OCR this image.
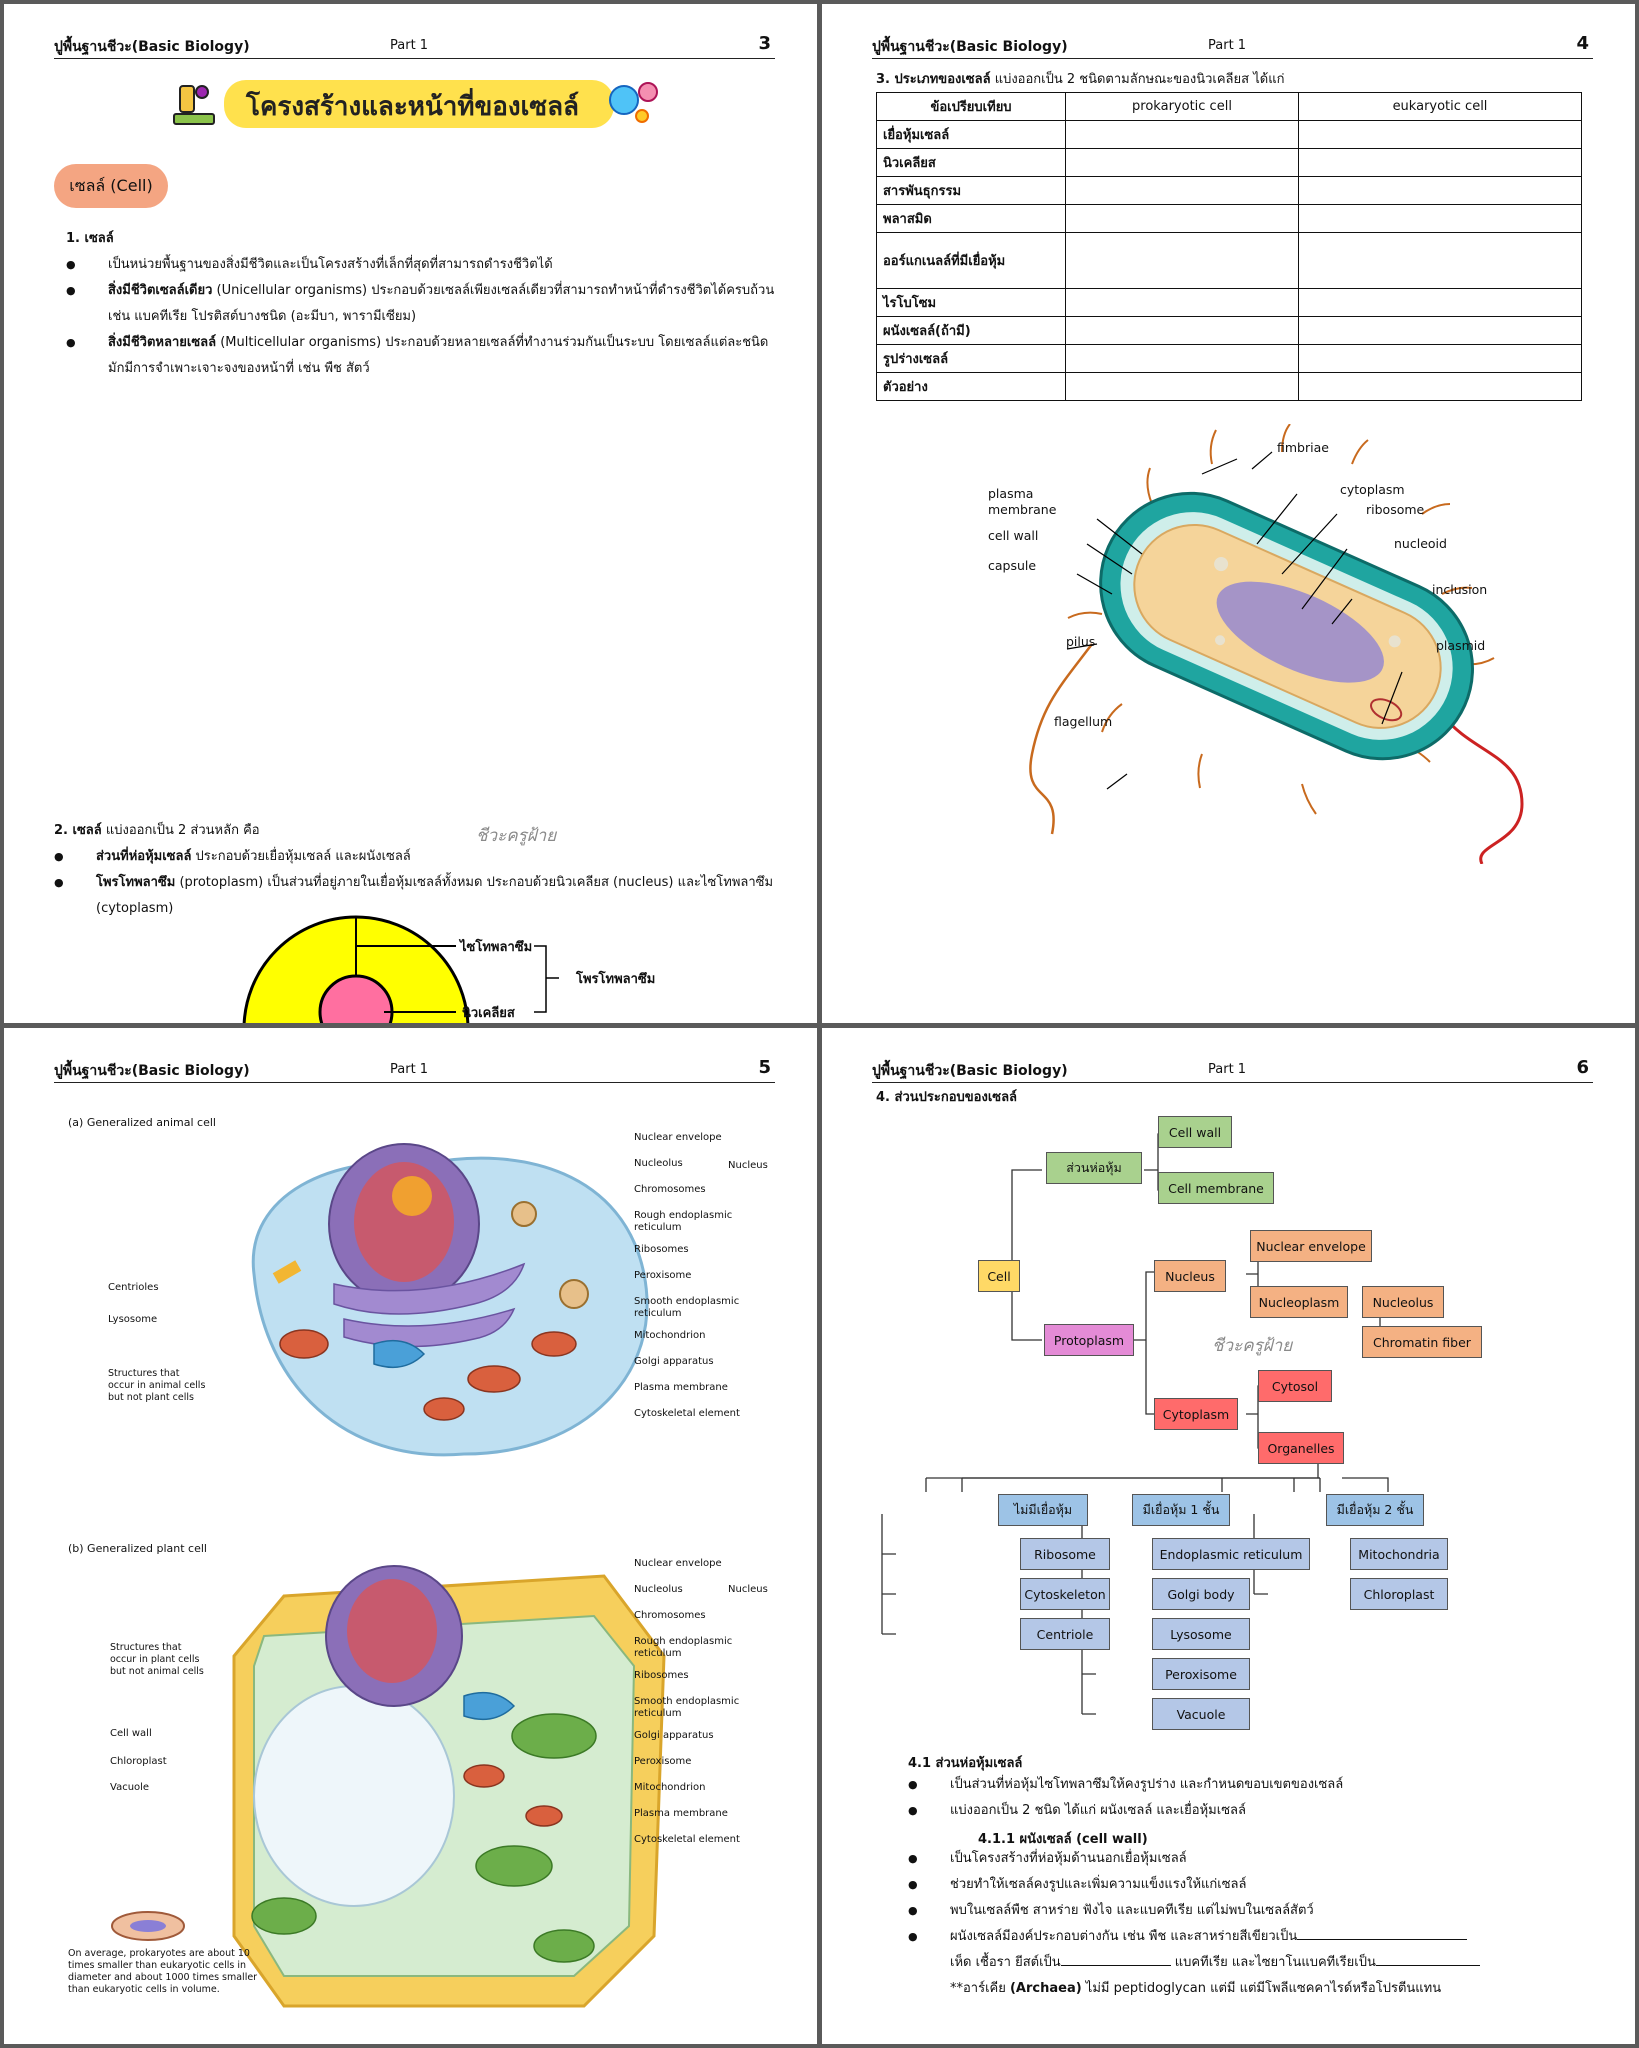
ปูพื้นฐานชีวะ(Basic Biology)	Part 1	3
โครงสร้างและหน้าที่ของเซลล์
เซลล์ (Cell)
1. เซลล์
● เป็นหน่วยพื้นฐานของสิ่งมีชีวิตและเป็นโครงสร้างที่เล็กที่สุดที่สามารถดำรงชีวิตได้
● สิ่งมีชีวิตเซลล์เดียว (Unicellular organisms) ประกอบด้วยเซลล์เพียงเซลล์เดียวที่สามารถทำหน้าที่ดำรงชีวิตได้ครบถ้วน
เช่น แบคทีเรีย โปรติสต์บางชนิด (อะมีบา, พารามีเซียม)
● สิ่งมีชีวิตหลายเซลล์ (Multicellular organisms) ประกอบด้วยหลายเซลล์ที่ทำงานร่วมกันเป็นระบบ โดยเซลล์แต่ละชนิด
มักมีการจำเพาะเจาะจงของหน้าที่ เช่น พืช สัตว์
2. เซลล์ แบ่งออกเป็น 2 ส่วนหลัก คือ	ชีวะครูฝ้าย
● ส่วนที่ห่อหุ้มเซลล์ ประกอบด้วยเยื่อหุ้มเซลล์ และผนังเซลล์
● โพรโทพลาซึม (protoplasm) เป็นส่วนที่อยู่ภายในเยื่อหุ้มเซลล์ทั้งหมด ประกอบด้วยนิวเคลียส (nucleus) และไซโทพลาซึม
(cytoplasm)
ไซโทพลาซึม
นิวเคลียส
โพรโทพลาซึม
ปูพื้นฐานชีวะ(Basic Biology)	Part 1	4
3. ประเภทของเซลล์ แบ่งออกเป็น 2 ชนิดตามลักษณะของนิวเคลียส ได้แก่
ข้อเปรียบเทียบ	prokaryotic cell	eukaryotic cell
เยื่อหุ้มเซลล์		
นิวเคลียส		
สารพันธุกรรม		
พลาสมิด		
ออร์แกเนลล์ที่มีเยื่อหุ้ม		
ไรโบโซม		
ผนังเซลล์(ถ้ามี)		
รูปร่างเซลล์		
ตัวอย่าง		
fimbriae
cytoplasm
ribosome
nucleoid
inclusion
plasmid
plasma
membrane
cell wall
capsule
pilus
flagellum
ปูพื้นฐานชีวะ(Basic Biology)	Part 1	5
(a) Generalized animal cell
Nucleus
Centrioles
Lysosome
Structures that
occur in animal cells
but not plant cells
(b) Generalized plant cell
Nucleus
Structures that
occur in plant cells
but not animal cells
Cell wall
Chloroplast
Vacuole
On average, prokaryotes are about 10
times smaller than eukaryotic cells in
diameter and about 1000 times smaller
than eukaryotic cells in volume.
Nuclear envelope
Nucleolus
Chromosomes
Rough endoplasmic
reticulum
Ribosomes
Peroxisome
Smooth endoplasmic
reticulum
Mitochondrion
Golgi apparatus
Plasma membrane
Cytoskeletal element
Nuclear envelope
Nucleolus
Chromosomes
Rough endoplasmic
reticulum
Ribosomes
Smooth endoplasmic
reticulum
Golgi apparatus
Peroxisome
Mitochondrion
Plasma membrane
Cytoskeletal element
ปูพื้นฐานชีวะ(Basic Biology)	Part 1	6
4. ส่วนประกอบของเซลล์
Cell
ส่วนห่อหุ้ม
Cell wall
Cell membrane
Protoplasm
Nucleus
Nuclear envelope
Nucleoplasm	Nucleolus
Chromatin fiber
ชีวะครูฝ้าย
Cytoplasm
Cytosol
Organelles
ไม่มีเยื่อหุ้ม	มีเยื่อหุ้ม 1 ชั้น	มีเยื่อหุ้ม 2 ชั้น
Ribosome
Cytoskeleton
Centriole
Endoplasmic reticulum
Golgi body
Lysosome
Peroxisome
Vacuole
Mitochondria
Chloroplast
4.1 ส่วนห่อหุ้มเซลล์
● เป็นส่วนที่ห่อหุ้มไซโทพลาซึมให้คงรูปร่าง และกำหนดขอบเขตของเซลล์
● แบ่งออกเป็น 2 ชนิด ได้แก่ ผนังเซลล์ และเยื่อหุ้มเซลล์
4.1.1 ผนังเซลล์ (cell wall)
● เป็นโครงสร้างที่ห่อหุ้มด้านนอกเยื่อหุ้มเซลล์
● ช่วยทำให้เซลล์คงรูปและเพิ่มความแข็งแรงให้แก่เซลล์
● พบในเซลล์พืช สาหร่าย ฟังไจ และแบคทีเรีย แต่ไม่พบในเซลล์สัตว์
● ผนังเซลล์มีองค์ประกอบต่างกัน เช่น พืช และสาหร่ายสีเขียวเป็น
เห็ด เชื้อรา ยีสต์เป็น	แบคทีเรีย และไซยาโนแบคทีเรียเป็น
**อาร์เคีย (Archaea) ไม่มี peptidoglycan แต่มี แต่มีโพลีแซคคาไรด์หรือโปรตีนแทน
